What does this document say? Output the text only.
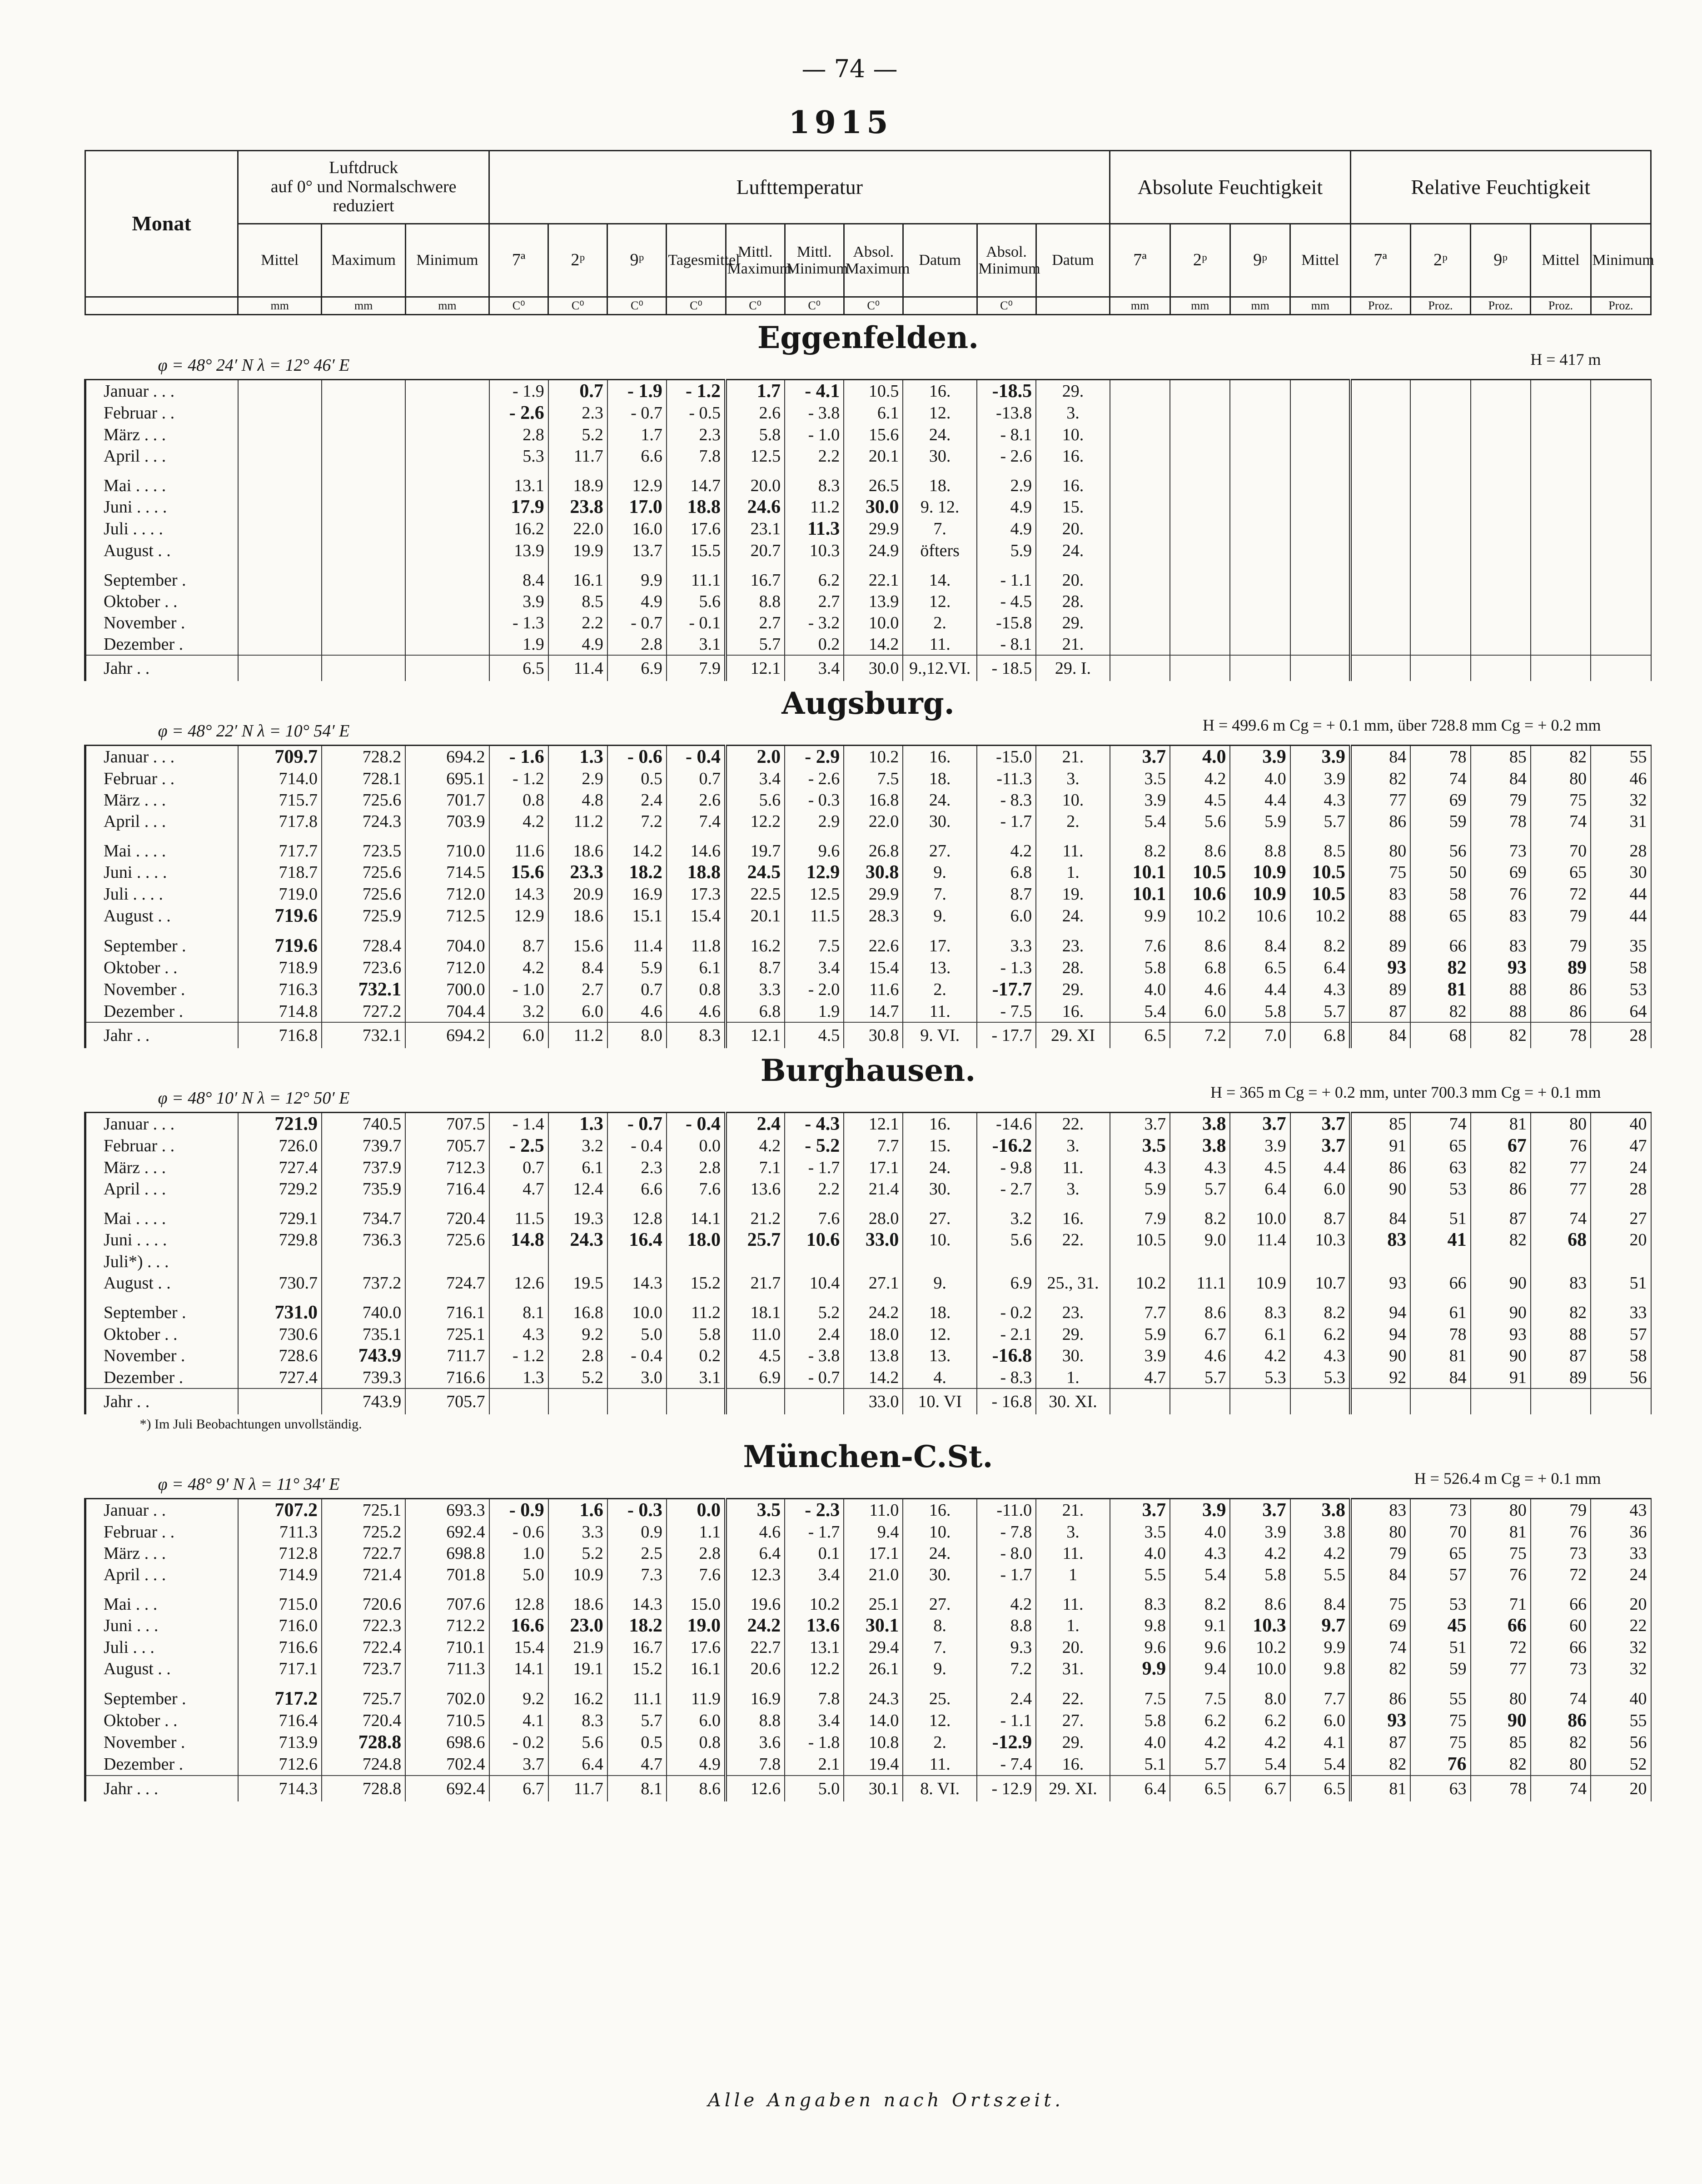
— 74 —
1915
Monat	Luftdruck
auf 0° und Normalschwere reduziert			Lufttemperatur										Absolute Feuchtigkeit				Relative Feuchtigkeit				
	Mittel	Maximum	Minimum	7ª	2ᵖ	9ᵖ	Tagesmittel	Mittl. Maximum	Mittl. Minimum	Absol. Maximum	Datum	Absol. Minimum	Datum	7ª	2ᵖ	9ᵖ	Mittel	7ª	2ᵖ	9ᵖ	Mittel	Minimum
	mm	mm	mm	C⁰	C⁰	C⁰	C⁰	C⁰	C⁰	C⁰		C⁰		mm	mm	mm	mm	Proz.	Proz.	Proz.	Proz.	Proz.

Eggenfelden.
φ = 48° 24′ N λ = 12° 46′ E H = 417 m																						

Januar . . .				- 1.9	0.7	- 1.9	- 1.2	1.7	- 4.1	10.5	16.	-18.5	29.									
Februar . .				- 2.6	2.3	- 0.7	- 0.5	2.6	- 3.8	6.1	12.	-13.8	3.									
März . . .				2.8	5.2	1.7	2.3	5.8	- 1.0	15.6	24.	- 8.1	10.									
April . . .				5.3	11.7	6.6	7.8	12.5	2.2	20.1	30.	- 2.6	16.									
Mai . . . .				13.1	18.9	12.9	14.7	20.0	8.3	26.5	18.	2.9	16.									
Juni . . . .				17.9	23.8	17.0	18.8	24.6	11.2	30.0	9. 12.	4.9	15.									
Juli . . . .				16.2	22.0	16.0	17.6	23.1	11.3	29.9	7.	4.9	20.									
August . .				13.9	19.9	13.7	15.5	20.7	10.3	24.9	öfters	5.9	24.									
September .				8.4	16.1	9.9	11.1	16.7	6.2	22.1	14.	- 1.1	20.									
Oktober . .				3.9	8.5	4.9	5.6	8.8	2.7	13.9	12.	- 4.5	28.									
November .				- 1.3	2.2	- 0.7	- 0.1	2.7	- 3.2	10.0	2.	-15.8	29.									
Dezember .				1.9	4.9	2.8	3.1	5.7	0.2	14.2	11.	- 8.1	21.									
Jahr . .				6.5	11.4	6.9	7.9	12.1	3.4	30.0	9.,12.VI.	- 18.5	29. I.									

Augsburg.
φ = 48° 22′ N λ = 10° 54′ E H = 499.6 m Cg = + 0.1 mm, über 728.8 mm Cg = + 0.2 mm																						

Januar . . .	709.7	728.2	694.2	- 1.6	1.3	- 0.6	- 0.4	2.0	- 2.9	10.2	16.	-15.0	21.	3.7	4.0	3.9	3.9	84	78	85	82	55
Februar . .	714.0	728.1	695.1	- 1.2	2.9	0.5	0.7	3.4	- 2.6	7.5	18.	-11.3	3.	3.5	4.2	4.0	3.9	82	74	84	80	46
März . . .	715.7	725.6	701.7	0.8	4.8	2.4	2.6	5.6	- 0.3	16.8	24.	- 8.3	10.	3.9	4.5	4.4	4.3	77	69	79	75	32
April . . .	717.8	724.3	703.9	4.2	11.2	7.2	7.4	12.2	2.9	22.0	30.	- 1.7	2.	5.4	5.6	5.9	5.7	86	59	78	74	31
Mai . . . .	717.7	723.5	710.0	11.6	18.6	14.2	14.6	19.7	9.6	26.8	27.	4.2	11.	8.2	8.6	8.8	8.5	80	56	73	70	28
Juni . . . .	718.7	725.6	714.5	15.6	23.3	18.2	18.8	24.5	12.9	30.8	9.	6.8	1.	10.1	10.5	10.9	10.5	75	50	69	65	30
Juli . . . .	719.0	725.6	712.0	14.3	20.9	16.9	17.3	22.5	12.5	29.9	7.	8.7	19.	10.1	10.6	10.9	10.5	83	58	76	72	44
August . .	719.6	725.9	712.5	12.9	18.6	15.1	15.4	20.1	11.5	28.3	9.	6.0	24.	9.9	10.2	10.6	10.2	88	65	83	79	44
September .	719.6	728.4	704.0	8.7	15.6	11.4	11.8	16.2	7.5	22.6	17.	3.3	23.	7.6	8.6	8.4	8.2	89	66	83	79	35
Oktober . .	718.9	723.6	712.0	4.2	8.4	5.9	6.1	8.7	3.4	15.4	13.	- 1.3	28.	5.8	6.8	6.5	6.4	93	82	93	89	58
November .	716.3	732.1	700.0	- 1.0	2.7	0.7	0.8	3.3	- 2.0	11.6	2.	-17.7	29.	4.0	4.6	4.4	4.3	89	81	88	86	53
Dezember .	714.8	727.2	704.4	3.2	6.0	4.6	4.6	6.8	1.9	14.7	11.	- 7.5	16.	5.4	6.0	5.8	5.7	87	82	88	86	64
Jahr . .	716.8	732.1	694.2	6.0	11.2	8.0	8.3	12.1	4.5	30.8	9. VI.	- 17.7	29. XI	6.5	7.2	7.0	6.8	84	68	82	78	28

Burghausen.
φ = 48° 10′ N λ = 12° 50′ E H = 365 m Cg = + 0.2 mm, unter 700.3 mm Cg = + 0.1 mm																						

Januar . . .	721.9	740.5	707.5	- 1.4	1.3	- 0.7	- 0.4	2.4	- 4.3	12.1	16.	-14.6	22.	3.7	3.8	3.7	3.7	85	74	81	80	40
Februar . .	726.0	739.7	705.7	- 2.5	3.2	- 0.4	0.0	4.2	- 5.2	7.7	15.	-16.2	3.	3.5	3.8	3.9	3.7	91	65	67	76	47
März . . .	727.4	737.9	712.3	0.7	6.1	2.3	2.8	7.1	- 1.7	17.1	24.	- 9.8	11.	4.3	4.3	4.5	4.4	86	63	82	77	24
April . . .	729.2	735.9	716.4	4.7	12.4	6.6	7.6	13.6	2.2	21.4	30.	- 2.7	3.	5.9	5.7	6.4	6.0	90	53	86	77	28
Mai . . . .	729.1	734.7	720.4	11.5	19.3	12.8	14.1	21.2	7.6	28.0	27.	3.2	16.	7.9	8.2	10.0	8.7	84	51	87	74	27
Juni . . . .	729.8	736.3	725.6	14.8	24.3	16.4	18.0	25.7	10.6	33.0	10.	5.6	22.	10.5	9.0	11.4	10.3	83	41	82	68	20
Juli*) . . .																						
August . .	730.7	737.2	724.7	12.6	19.5	14.3	15.2	21.7	10.4	27.1	9.	6.9	25., 31.	10.2	11.1	10.9	10.7	93	66	90	83	51
September .	731.0	740.0	716.1	8.1	16.8	10.0	11.2	18.1	5.2	24.2	18.	- 0.2	23.	7.7	8.6	8.3	8.2	94	61	90	82	33
Oktober . .	730.6	735.1	725.1	4.3	9.2	5.0	5.8	11.0	2.4	18.0	12.	- 2.1	29.	5.9	6.7	6.1	6.2	94	78	93	88	57
November .	728.6	743.9	711.7	- 1.2	2.8	- 0.4	0.2	4.5	- 3.8	13.8	13.	-16.8	30.	3.9	4.6	4.2	4.3	90	81	90	87	58
Dezember .	727.4	739.3	716.6	1.3	5.2	3.0	3.1	6.9	- 0.7	14.2	4.	- 8.3	1.	4.7	5.7	5.3	5.3	92	84	91	89	56
Jahr . .		743.9	705.7							33.0	10. VI	- 16.8	30. XI.									
*) Im Juli Beobachtungen unvollständig.																						

München-C.St.
φ = 48° 9′ N λ = 11° 34′ E H = 526.4 m Cg = + 0.1 mm																						

Januar . .	707.2	725.1	693.3	- 0.9	1.6	- 0.3	0.0	3.5	- 2.3	11.0	16.	-11.0	21.	3.7	3.9	3.7	3.8	83	73	80	79	43
Februar . .	711.3	725.2	692.4	- 0.6	3.3	0.9	1.1	4.6	- 1.7	9.4	10.	- 7.8	3.	3.5	4.0	3.9	3.8	80	70	81	76	36
März . . .	712.8	722.7	698.8	1.0	5.2	2.5	2.8	6.4	0.1	17.1	24.	- 8.0	11.	4.0	4.3	4.2	4.2	79	65	75	73	33
April . . .	714.9	721.4	701.8	5.0	10.9	7.3	7.6	12.3	3.4	21.0	30.	- 1.7	1	5.5	5.4	5.8	5.5	84	57	76	72	24
Mai . . .	715.0	720.6	707.6	12.8	18.6	14.3	15.0	19.6	10.2	25.1	27.	4.2	11.	8.3	8.2	8.6	8.4	75	53	71	66	20
Juni . . .	716.0	722.3	712.2	16.6	23.0	18.2	19.0	24.2	13.6	30.1	8.	8.8	1.	9.8	9.1	10.3	9.7	69	45	66	60	22
Juli . . .	716.6	722.4	710.1	15.4	21.9	16.7	17.6	22.7	13.1	29.4	7.	9.3	20.	9.6	9.6	10.2	9.9	74	51	72	66	32
August . .	717.1	723.7	711.3	14.1	19.1	15.2	16.1	20.6	12.2	26.1	9.	7.2	31.	9.9	9.4	10.0	9.8	82	59	77	73	32
September .	717.2	725.7	702.0	9.2	16.2	11.1	11.9	16.9	7.8	24.3	25.	2.4	22.	7.5	7.5	8.0	7.7	86	55	80	74	40
Oktober . .	716.4	720.4	710.5	4.1	8.3	5.7	6.0	8.8	3.4	14.0	12.	- 1.1	27.	5.8	6.2	6.2	6.0	93	75	90	86	55
November .	713.9	728.8	698.6	- 0.2	5.6	0.5	0.8	3.6	- 1.8	10.8	2.	-12.9	29.	4.0	4.2	4.2	4.1	87	75	85	82	56
Dezember .	712.6	724.8	702.4	3.7	6.4	4.7	4.9	7.8	2.1	19.4	11.	- 7.4	16.	5.1	5.7	5.4	5.4	82	76	82	80	52
Jahr . . .	714.3	728.8	692.4	6.7	11.7	8.1	8.6	12.6	5.0	30.1	8. VI.	- 12.9	29. XI.	6.4	6.5	6.7	6.5	81	63	78	74	20
Alle Angaben nach Ortszeit.
